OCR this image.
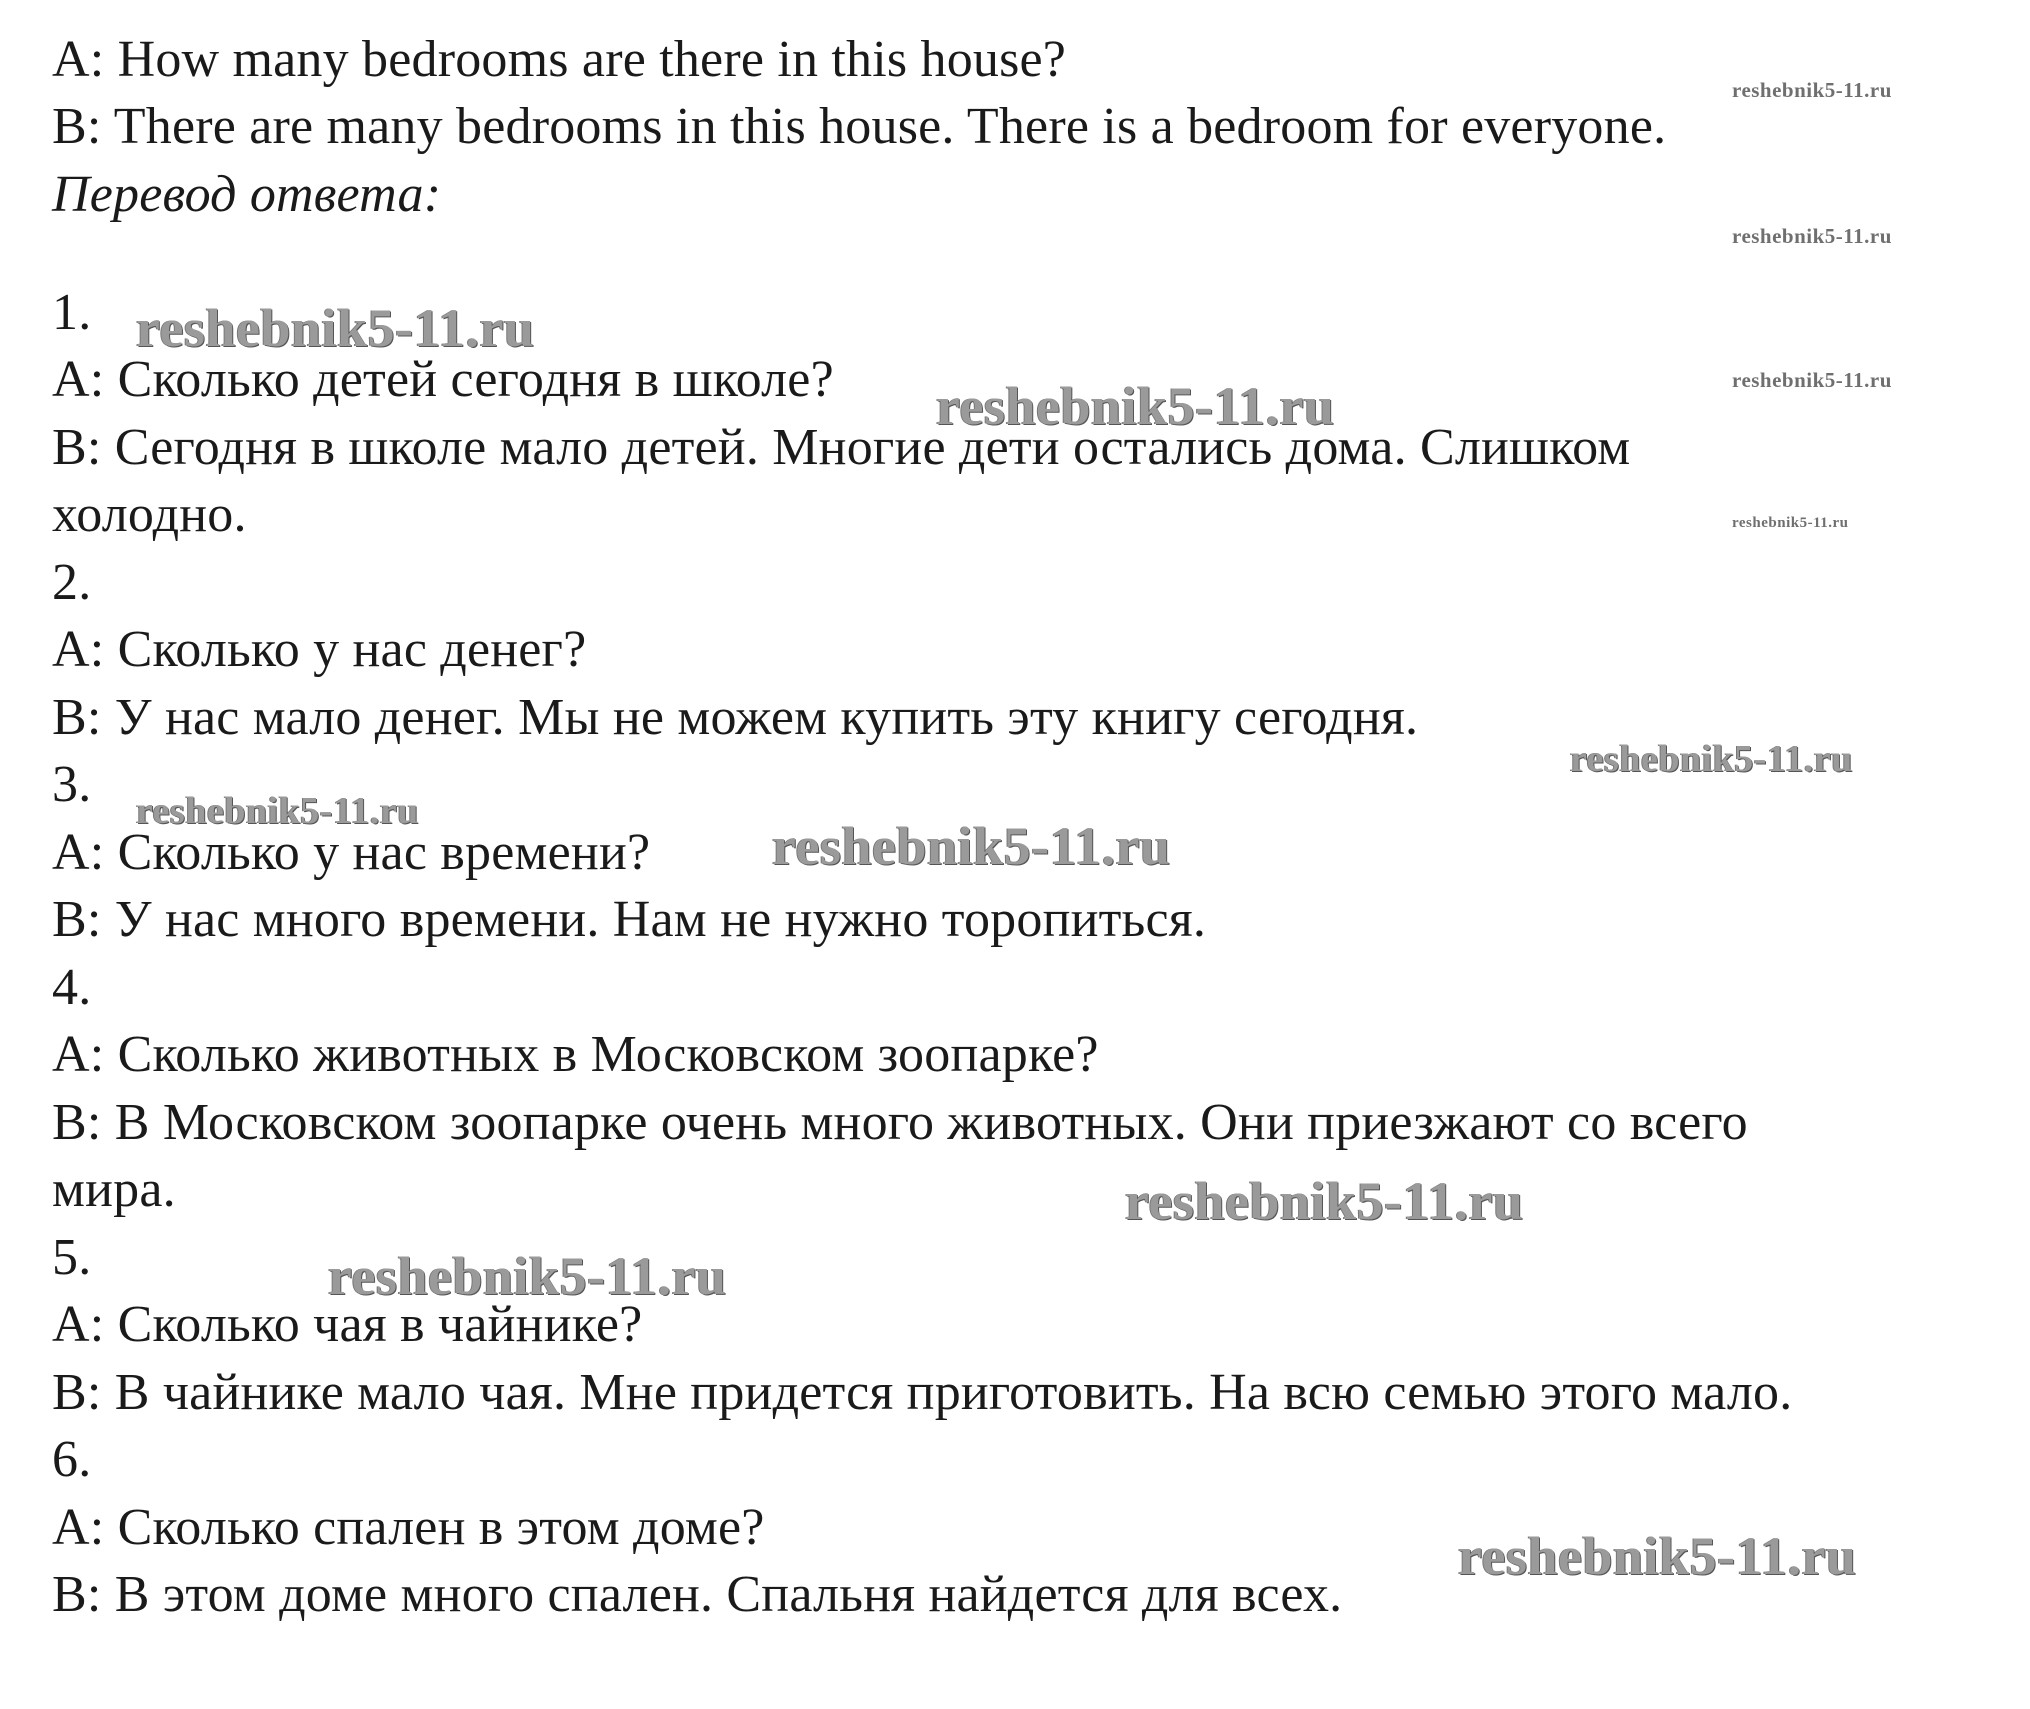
A: How many bedrooms are there in this house?
B: There are many bedrooms in this house. There is a bedroom for everyone.
Перевод ответа:
1.
A: Сколько детей сегодня в школе?
B: Сегодня в школе мало детей. Многие дети остались дома. Слишком
холодно.
2.
A: Сколько у нас денег?
B: У нас мало денег. Мы не можем купить эту книгу сегодня.
3.
A: Сколько у нас времени?
B: У нас много времени. Нам не нужно торопиться.
4.
A: Сколько животных в Московском зоопарке?
B: В Московском зоопарке очень много животных. Они приезжают со всего
мира.
5.
A: Сколько чая в чайнике?
B: В чайнике мало чая. Мне придется приготовить. На всю семью этого мало.
6.
A: Сколько спален в этом доме?
B: В этом доме много спален. Спальня найдется для всех.
reshebnik5-11.ru
reshebnik5-11.ru
reshebnik5-11.ru
reshebnik5-11.ru
reshebnik5-11.ru
reshebnik5-11.ru
reshebnik5-11.ru
reshebnik5-11.ru
reshebnik5-11.ru
reshebnik5-11.ru
reshebnik5-11.ru
reshebnik5-11.ru
